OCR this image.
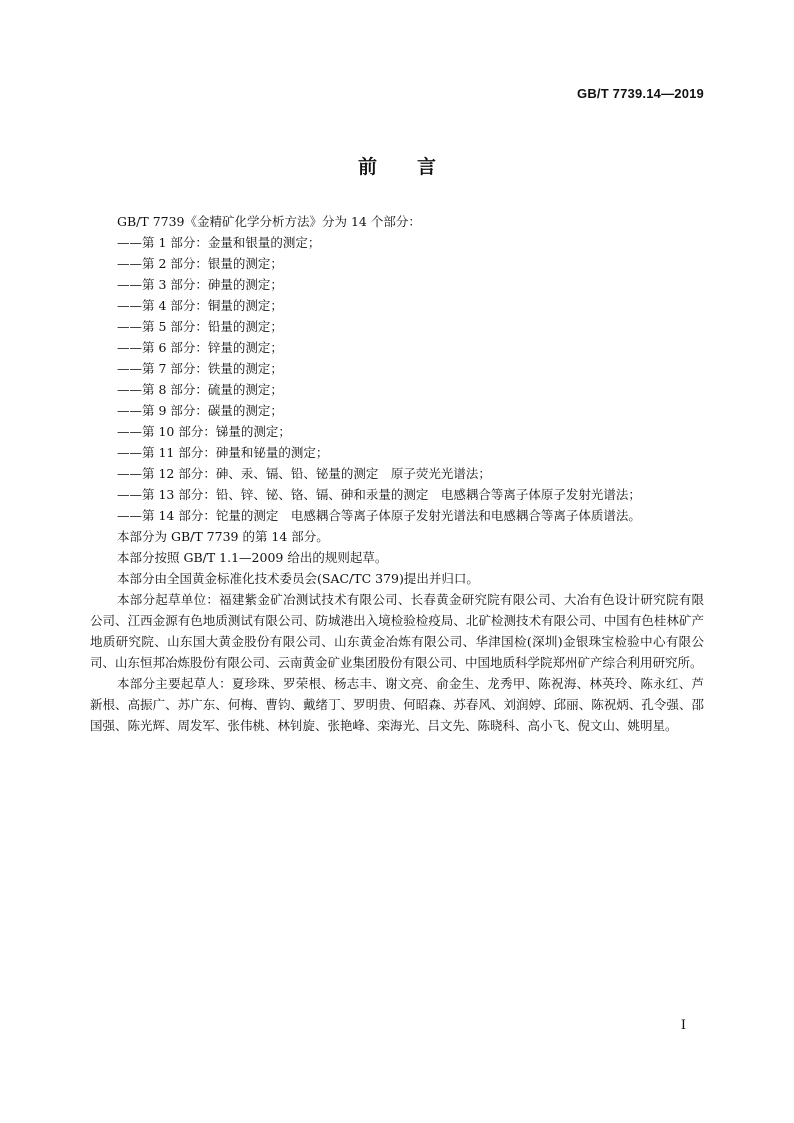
GB/T 7739.14—2019
前言

GB/T 7739《金精矿化学分析方法》分为 14 个部分：

——第 1 部分：金量和银量的测定；

——第 2 部分：银量的测定；

——第 3 部分：砷量的测定；

——第 4 部分：铜量的测定；

——第 5 部分：铅量的测定；

——第 6 部分：锌量的测定；

——第 7 部分：铁量的测定；

——第 8 部分：硫量的测定；

——第 9 部分：碳量的测定；

——第 10 部分：锑量的测定；

——第 11 部分：砷量和铋量的测定；

——第 12 部分：砷、汞、镉、铅、铋量的测定　原子荧光光谱法；

——第 13 部分：铅、锌、铋、铬、镉、砷和汞量的测定　电感耦合等离子体原子发射光谱法；

——第 14 部分：铊量的测定　电感耦合等离子体原子发射光谱法和电感耦合等离子体质谱法。

本部分为 GB/T 7739 的第 14 部分。

本部分按照 GB/T 1.1—2009 给出的规则起草。

本部分由全国黄金标准化技术委员会(SAC/TC 379)提出并归口。

本部分起草单位：福建紫金矿冶测试技术有限公司、长春黄金研究院有限公司、大冶有色设计研究院有限公司、江西金源有色地质测试有限公司、防城港出入境检验检疫局、北矿检测技术有限公司、中国有色桂林矿产地质研究院、山东国大黄金股份有限公司、山东黄金冶炼有限公司、华津国检(深圳)金银珠宝检验中心有限公司、山东恒邦冶炼股份有限公司、云南黄金矿业集团股份有限公司、中国地质科学院郑州矿产综合利用研究所。

本部分主要起草人：夏珍珠、罗荣根、杨志丰、谢文亮、俞金生、龙秀甲、陈祝海、林英玲、陈永红、芦新根、高振广、苏广东、何梅、曹钧、戴绪丁、罗明贵、何昭森、苏春风、刘润婷、邱丽、陈祝炳、孔令强、邵国强、陈光辉、周发军、张伟桃、林钊旋、张艳峰、栾海光、吕文先、陈晓科、高小飞、倪文山、姚明星。

I
